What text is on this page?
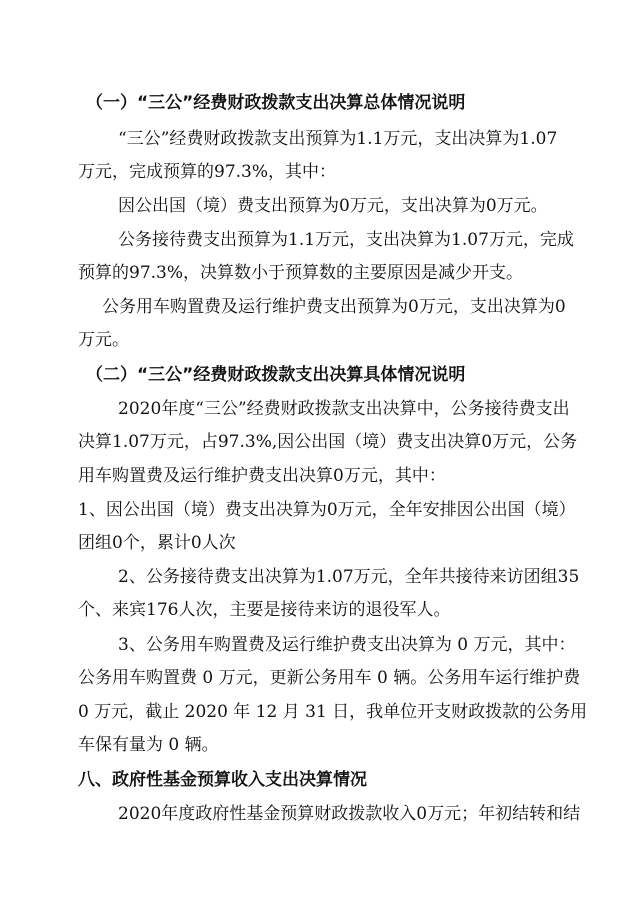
（一）“三公”经费财政拨款支出决算总体情况说明
“三公”经费财政拨款支出预算为1.1万元，支出决算为1.07
万元，完成预算的97.3%，其中：
因公出国（境）费支出预算为0万元，支出决算为0万元。
公务接待费支出预算为1.1万元，支出决算为1.07万元，完成
预算的97.3%，决算数小于预算数的主要原因是减少开支。
公务用车购置费及运行维护费支出预算为0万元，支出决算为0
万元。
（二）“三公”经费财政拨款支出决算具体情况说明
2020年度“三公”经费财政拨款支出决算中，公务接待费支出
决算1.07万元，占97.3%,因公出国（境）费支出决算0万元，公务
用车购置费及运行维护费支出决算0万元，其中：
1、因公出国（境）费支出决算为0万元，全年安排因公出国（境）
团组0个，累计0人次
2、公务接待费支出决算为1.07万元，全年共接待来访团组35
个、来宾176人次，主要是接待来访的退役军人。
3、公务用车购置费及运行维护费支出决算为 0 万元，其中：
公务用车购置费 0 万元，更新公务用车 0 辆。公务用车运行维护费
0 万元，截止 2020 年 12 月 31 日，我单位开支财政拨款的公务用
车保有量为 0 辆。
八、政府性基金预算收入支出决算情况
2020年度政府性基金预算财政拨款收入0万元；年初结转和结
